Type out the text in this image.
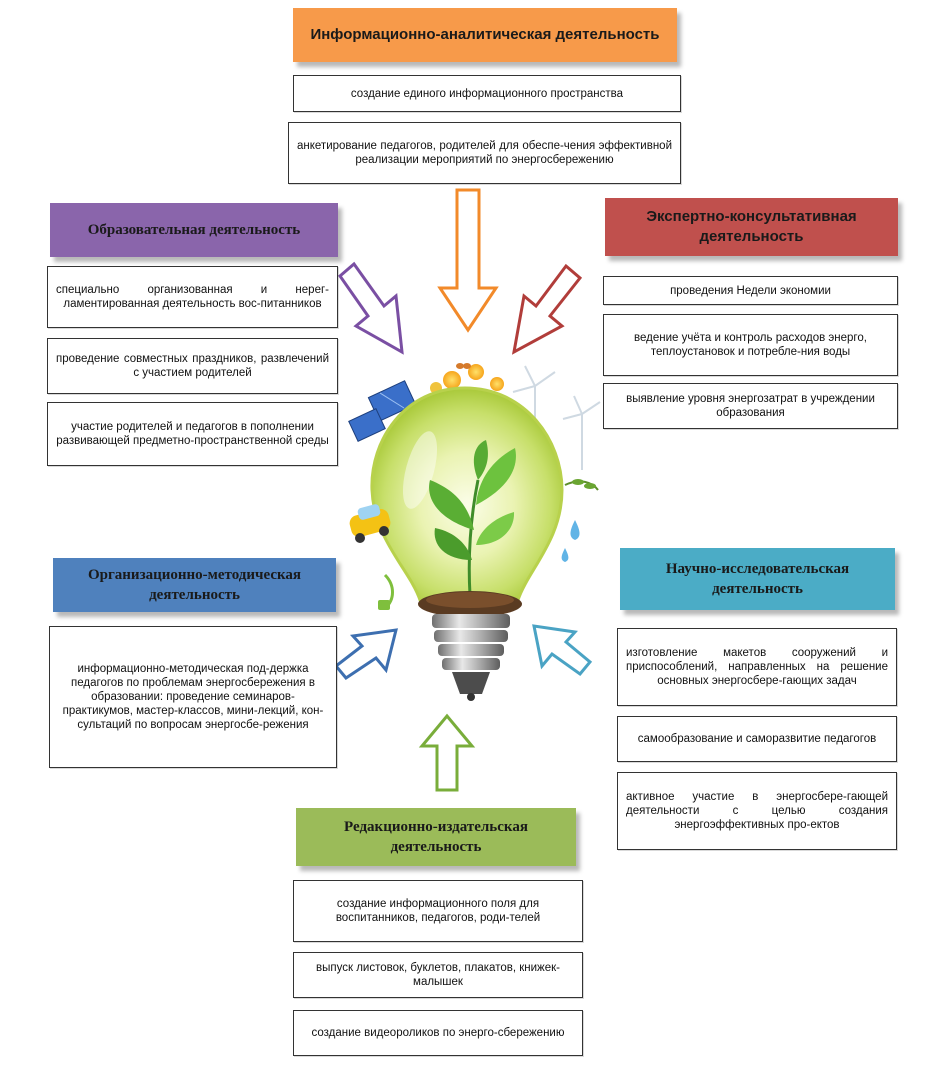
Информационно-аналитическая деятельность
создание единого информационного пространства
анкетирование педагогов, родителей для обеспе-чения эффективной реализации мероприятий по энергосбережению
Образовательная деятельность
специально организованная и нерег-ламентированная деятельность вос-питанников
проведение совместных праздников, развлечений с участием родителей
участие родителей и педагогов в пополнении развивающей предметно-пространственной среды
Экспертно-консультативная деятельность
проведения Недели экономии
ведение учёта и контроль расходов энерго, теплоустановок и потребле-ния воды
выявление уровня энергозатрат в учреждении образования
Организационно-методическая деятельность
информационно-методическая под-держка педагогов по проблемам энергосбережения в образовании: проведение семинаров-практикумов, мастер-классов, мини-лекций, кон-сультаций по вопросам энергосбе-режения
Научно-исследовательская деятельность
изготовление макетов сооружений и приспособлений, направленных на решение основных энергосбере-гающих задач
самообразование и саморазвитие педагогов
активное участие в энергосбере-гающей деятельности с целью создания энергоэффективных про-ектов
Редакционно-издательская деятельность
создание информационного поля для воспитанников, педагогов, роди-телей
выпуск листовок, буклетов, плакатов, книжек-малышек
создание видеороликов по энерго-сбережению
